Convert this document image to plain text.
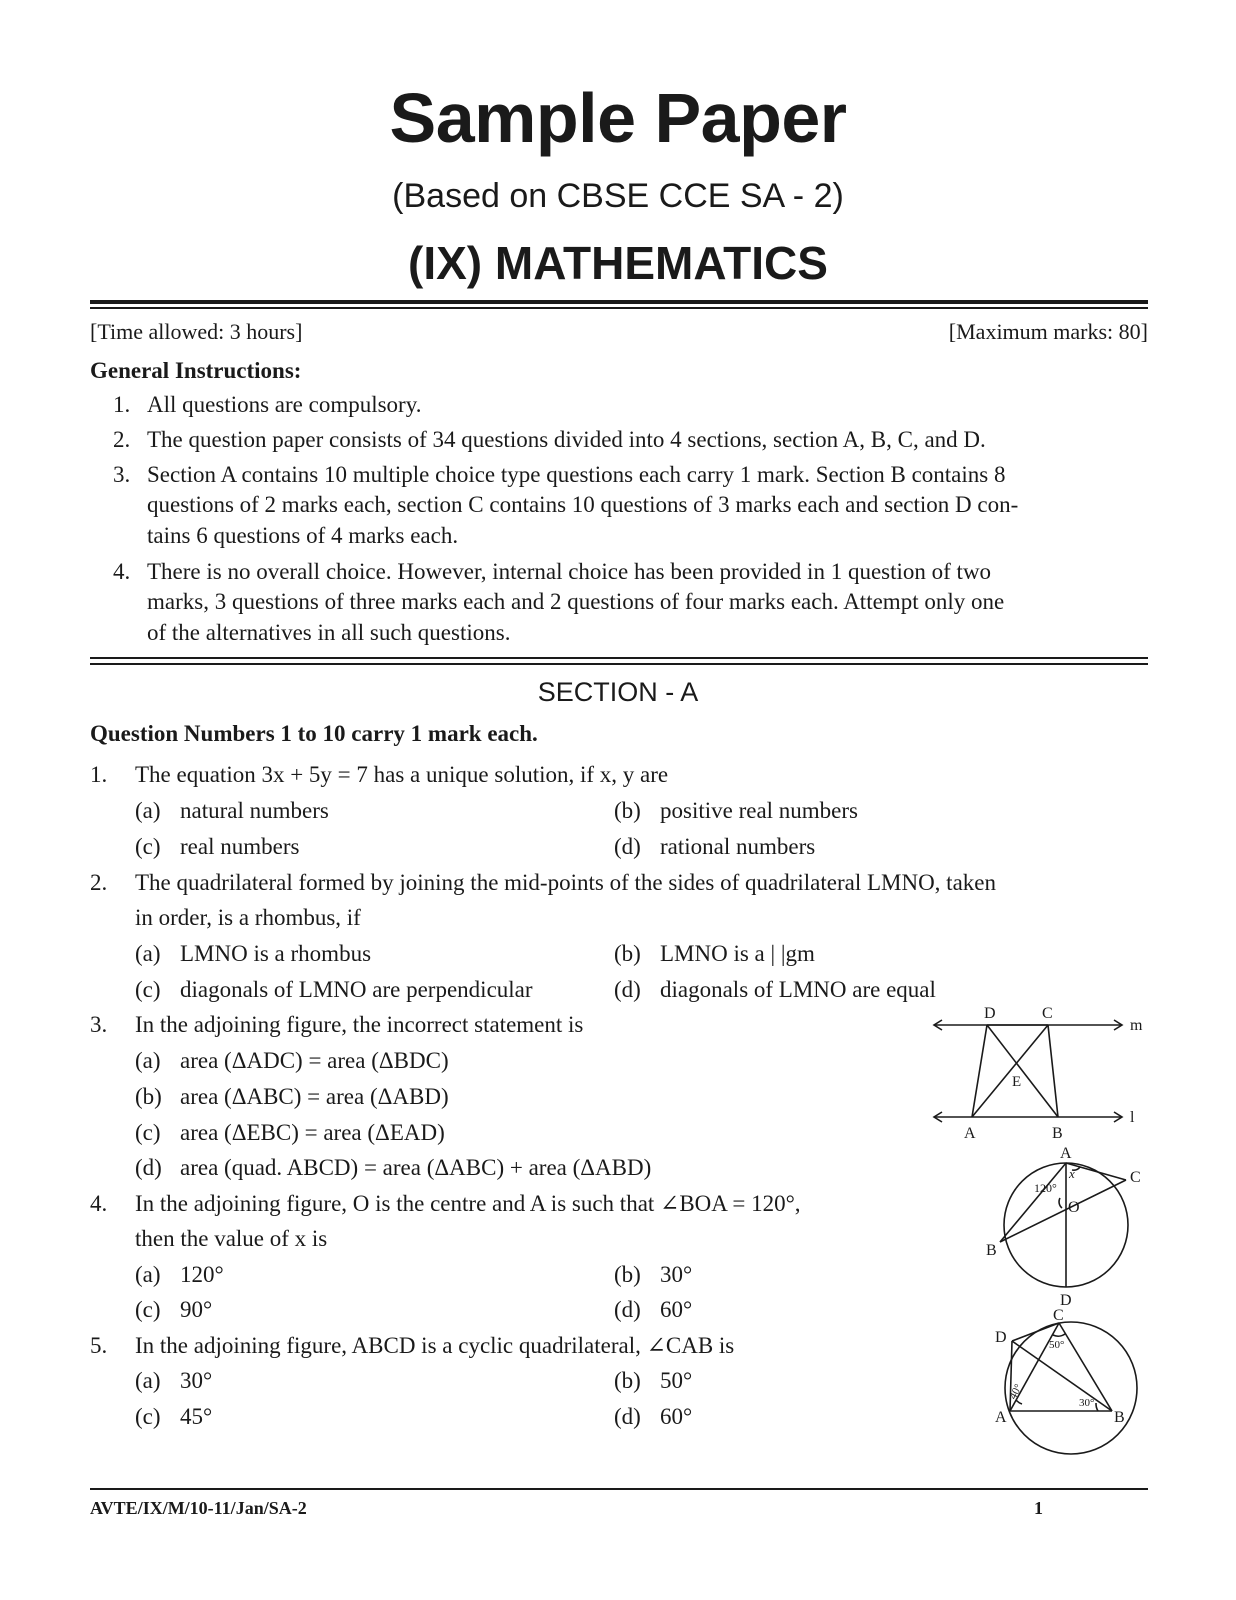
Sample Paper
(Based on CBSE CCE SA - 2)
(IX) MATHEMATICS
[Time allowed: 3 hours]	[Maximum marks: 80]
General Instructions:
1. All questions are compulsory.
2. The question paper consists of 34 questions divided into 4 sections, section A, B, C, and D.
3. Section A contains 10 multiple choice type questions each carry 1 mark. Section B contains 8
questions of 2 marks each, section C contains 10 questions of 3 marks each and section D con-
tains 6 questions of 4 marks each.
4. There is no overall choice. However, internal choice has been provided in 1 question of two
marks, 3 questions of three marks each and 2 questions of four marks each. Attempt only one
of the alternatives in all such questions.
SECTION - A
Question Numbers 1 to 10 carry 1 mark each.
1. The equation 3x + 5y = 7 has a unique solution, if x, y are
(a) natural numbers	(b) positive real numbers
(c) real numbers	(d) rational numbers
2. The quadrilateral formed by joining the mid-points of the sides of quadrilateral LMNO, taken
in order, is a rhombus, if
(a) LMNO is a rhombus	(b) LMNO is a | |gm
(c) diagonals of LMNO are perpendicular	(d) diagonals of LMNO are equal
3. In the adjoining figure, the incorrect statement is
(a) area (ΔADC) = area (ΔBDC)
(b) area (ΔABC) = area (ΔABD)
(c) area (ΔEBC) = area (ΔEAD)
(d) area (quad. ABCD) = area (ΔABC) + area (ΔABD)
4. In the adjoining figure, O is the centre and A is such that ∠BOA = 120°,
then the value of x is
(a) 120°	(b) 30°
(c) 90°	(d) 60°
5. In the adjoining figure, ABCD is a cyclic quadrilateral, ∠CAB is
(a) 30°	(b) 50°
(c) 45°	(d) 60°
D	C
m
E
A	B
l
A
C
x
120°
O
B
D
C
D	50°
40°
30°
A	B
AVTE/IX/M/10-11/Jan/SA-2	1
